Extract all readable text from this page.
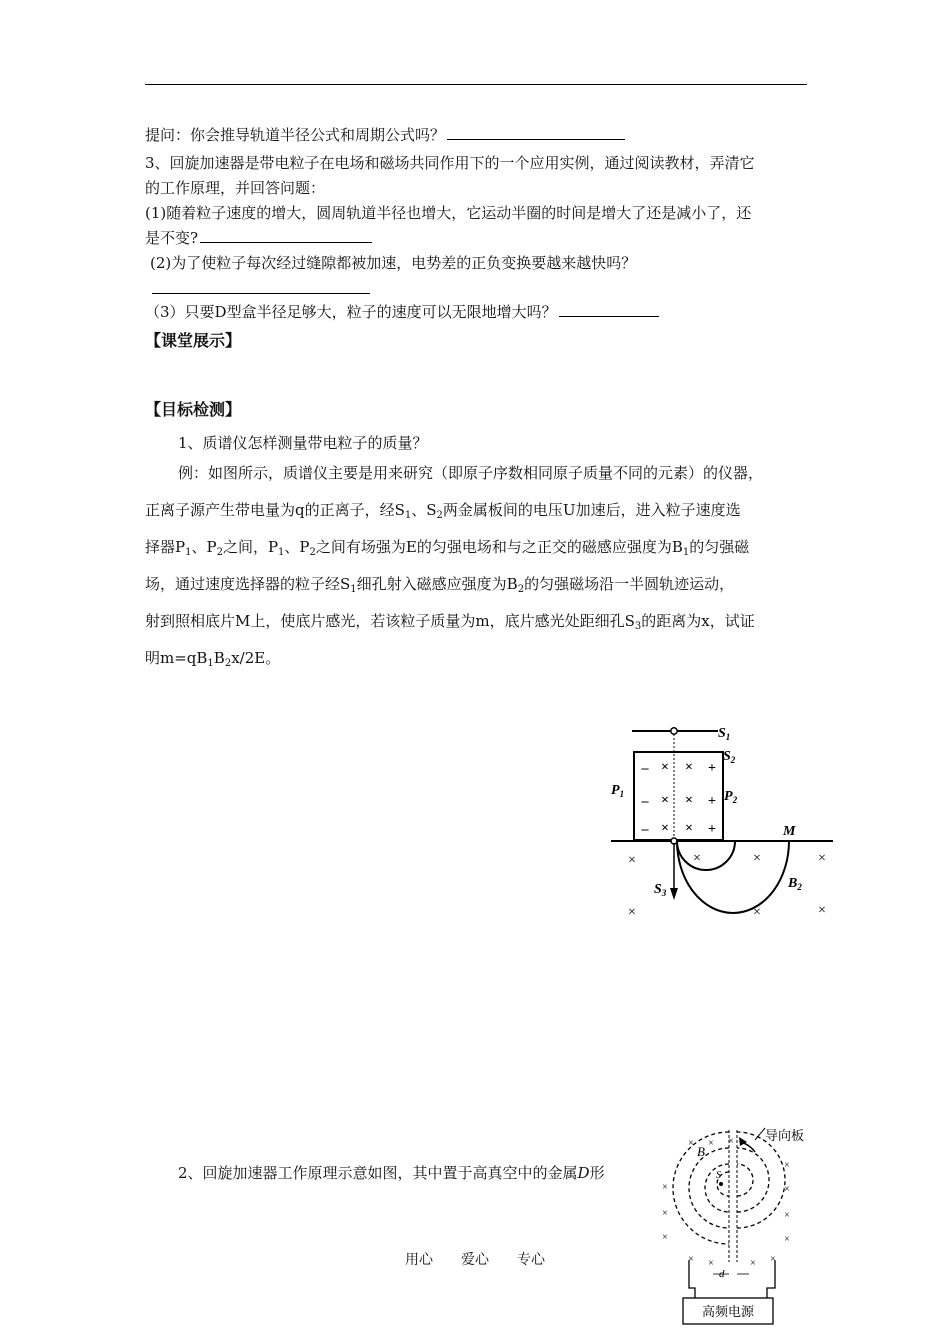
提问：你会推导轨道半径公式和周期公式吗？
3、回旋加速器是带电粒子在电场和磁场共同作用下的一个应用实例，通过阅读教材，弄清它
的工作原理，并回答问题：
(1)随着粒子速度的增大，圆周轨道半径也增大，它运动半圈的时间是增大了还是减小了，还
是不变?
(2)为了使粒子每次经过缝隙都被加速，电势差的正负变换要越来越快吗？
（3）只要D型盒半径足够大，粒子的速度可以无限地增大吗？
【课堂展示】
【目标检测】
1、质谱仪怎样测量带电粒子的质量？
例：如图所示，质谱仪主要是用来研究（即原子序数相同原子质量不同的元素）的仪器，
正离子源产生带电量为q的正离子，经$S_1$、$S_2$两金属板间的电压U加速后，进入粒子速度选
择器$P_1$、$P_2$之间，$P_1$、$P_2$之间有场强为E的匀强电场和与之正交的磁感应强度为$B_1$的匀强磁
场，通过速度选择器的粒子经$S_1$细孔射入磁感应强度为$B_2$的匀强磁场沿一半圆轨迹运动，
射到照相底片M上，使底片感光，若该粒子质量为m，底片感光处距细孔$S_3$的距离为x，试证
明$m=qB_1B_2x/2E$。
$S_1$
$S_2$
$P_1$	$P_2$
–
–
–
×
×
×
×
×
×
+
+
+	M
$S_3$
$B_2$
×	×	×	×
×	×	×
2、回旋加速器工作原理示意如图，其中置于高真空中的金属D形
导向板
B
S
× × ×
×
×
×
×
×
×
×
× ×	× ×
d
高频电源
用心 爱心 专心
